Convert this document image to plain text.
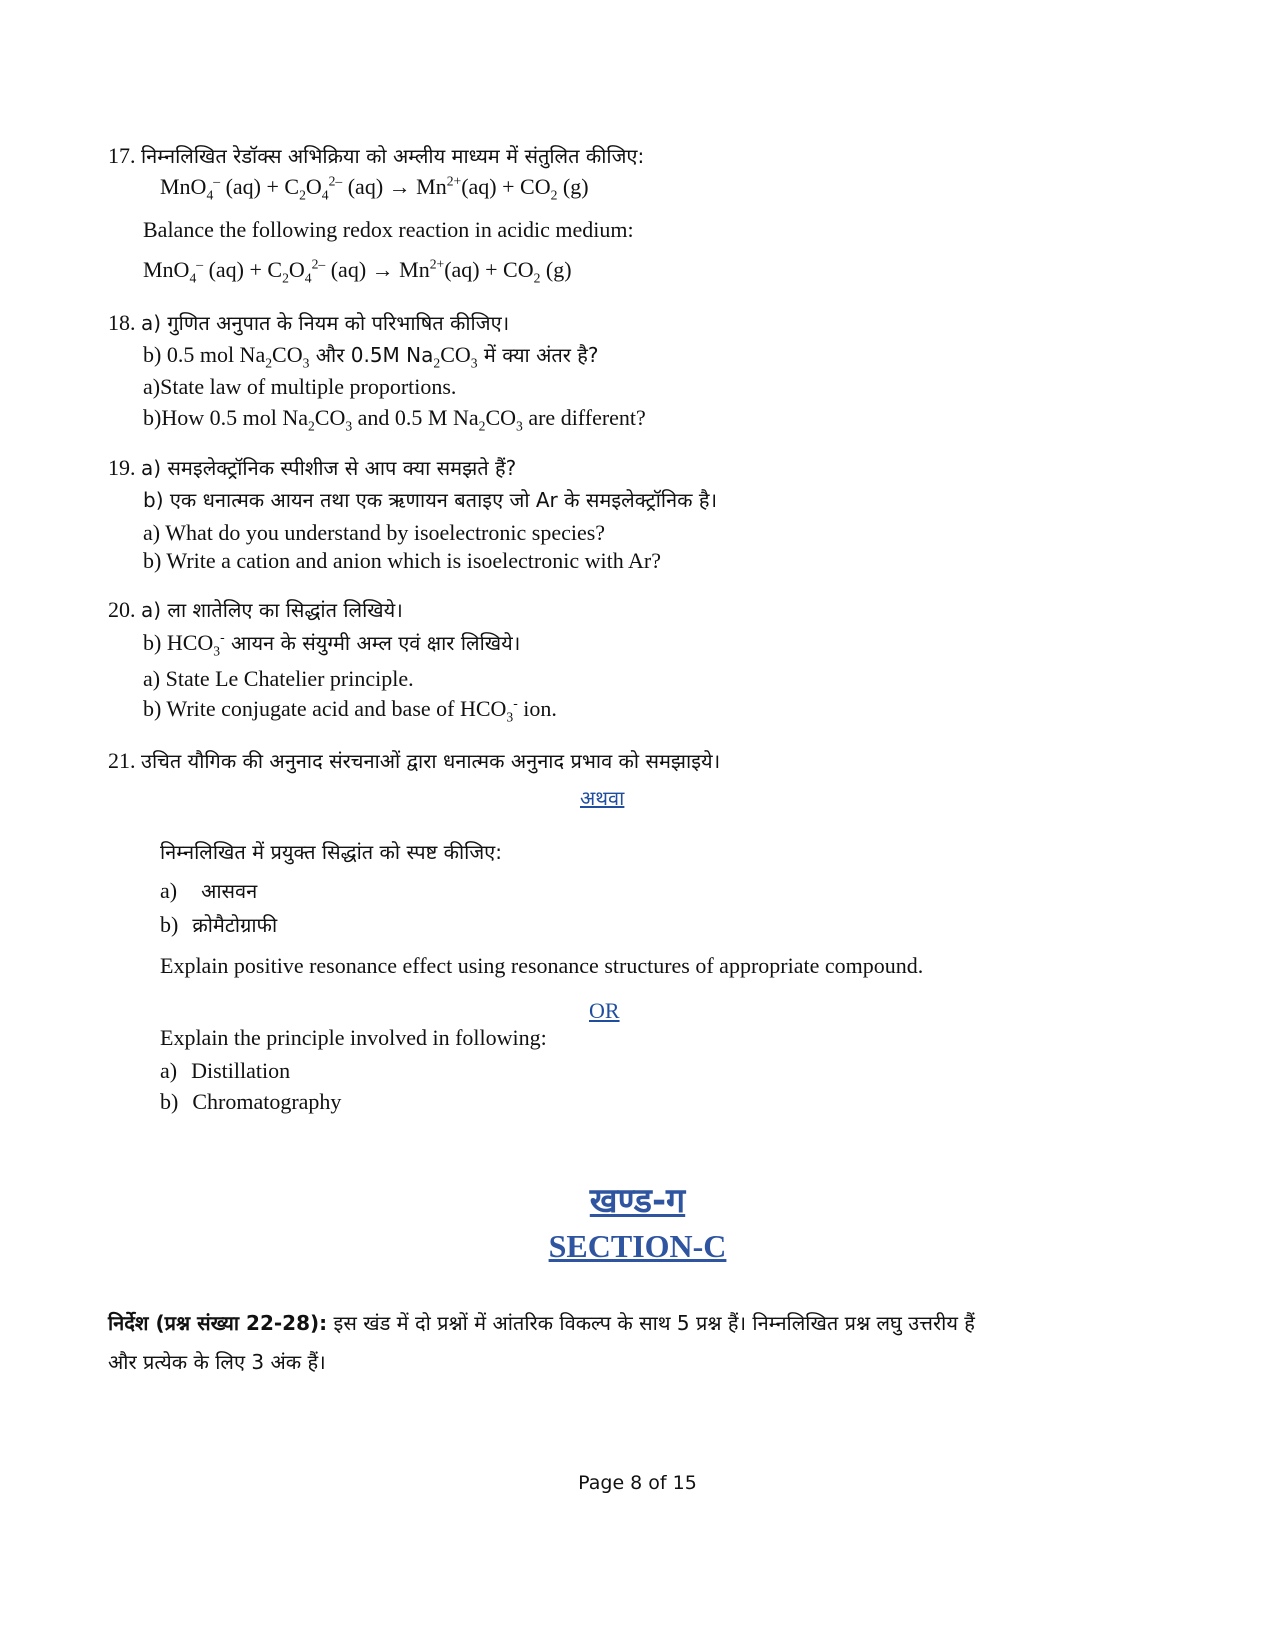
17. निम्नलिखित रेडॉक्स अभिक्रिया को अम्लीय माध्यम में संतुलित कीजिए:
MnO$_4$– $(aq) + C_2O_4^{2-}$ $(aq) \to Mn^{2+}(aq) + CO_2$ (g)
Balance the following redox reaction in acidic medium:
MnO$_4$– $(aq) + C_2O_4^{2-}$ $(aq) \to Mn^{2+}(aq) + CO_2$ (g)
18. a) गुणित अनुपात के नियम को परिभाषित कीजिए।
b) 0.5 mol $Na_2CO_3$ और 0.5M $Na_2CO_3$ में क्या अंतर है?
a)State law of multiple proportions.
b)How 0.5 mol $Na_2CO_3$ and 0.5 M $Na_2CO_3$ are different?
19. a) समइलेक्ट्रॉनिक स्पीशीज से आप क्या समझते हैं?
b) एक धनात्मक आयन तथा एक ऋणायन बताइए जो Ar के समइलेक्ट्रॉनिक है।
a) What do you understand by isoelectronic species?
b) Write a cation and anion which is isoelectronic with Ar?
20. a) ला शातेलिए का सिद्धांत लिखिये।
b) $HCO_3^-$ आयन के संयुग्मी अम्ल एवं क्षार लिखिये।
a) State Le Chatelier principle.
b) Write conjugate acid and base of $HCO_3^-$ ion.
21. उचित यौगिक की अनुनाद संरचनाओं द्वारा धनात्मक अनुनाद प्रभाव को समझाइये।
अथवा
निम्नलिखित में प्रयुक्त सिद्धांत को स्पष्ट कीजिए:
a) आसवन
b) क्रोमैटोग्राफी
Explain positive resonance effect using resonance structures of appropriate compound.
OR
Explain the principle involved in following:
a) Distillation
b) Chromatography
खण्ड-ग
SECTION-C
निर्देश (प्रश्न संख्या 22-28): इस खंड में दो प्रश्नों में आंतरिक विकल्प के साथ 5 प्रश्न हैं। निम्नलिखित प्रश्न लघु उत्तरीय हैं
और प्रत्येक के लिए 3 अंक हैं।
Page 8 of 15
